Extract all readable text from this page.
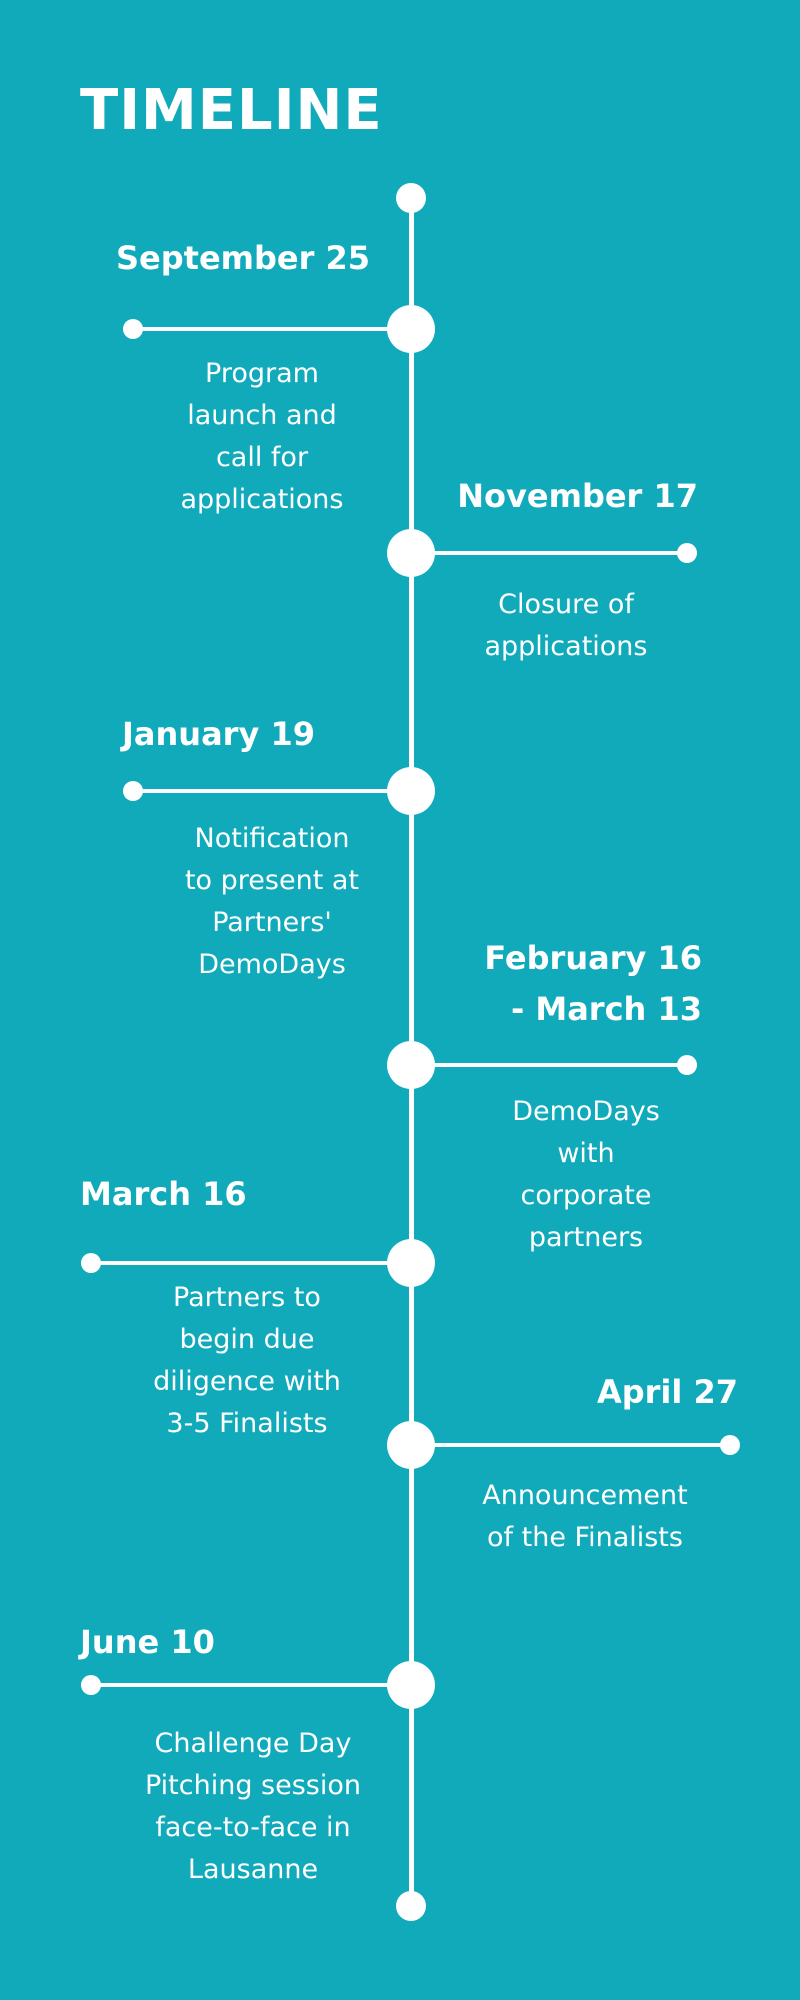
TIMELINE
September 25
Program
launch and
call for
applications	November 17
Closure of
applications
January 19
Notification
to present at
Partners'
DemoDays	February 16
- March 13
DemoDays
with
corporate
partners
March 16
Partners to
begin due
diligence with
3-5 Finalists
April 27
Announcement
of the Finalists
June 10
Challenge Day
Pitching session
face-to-face in
Lausanne
